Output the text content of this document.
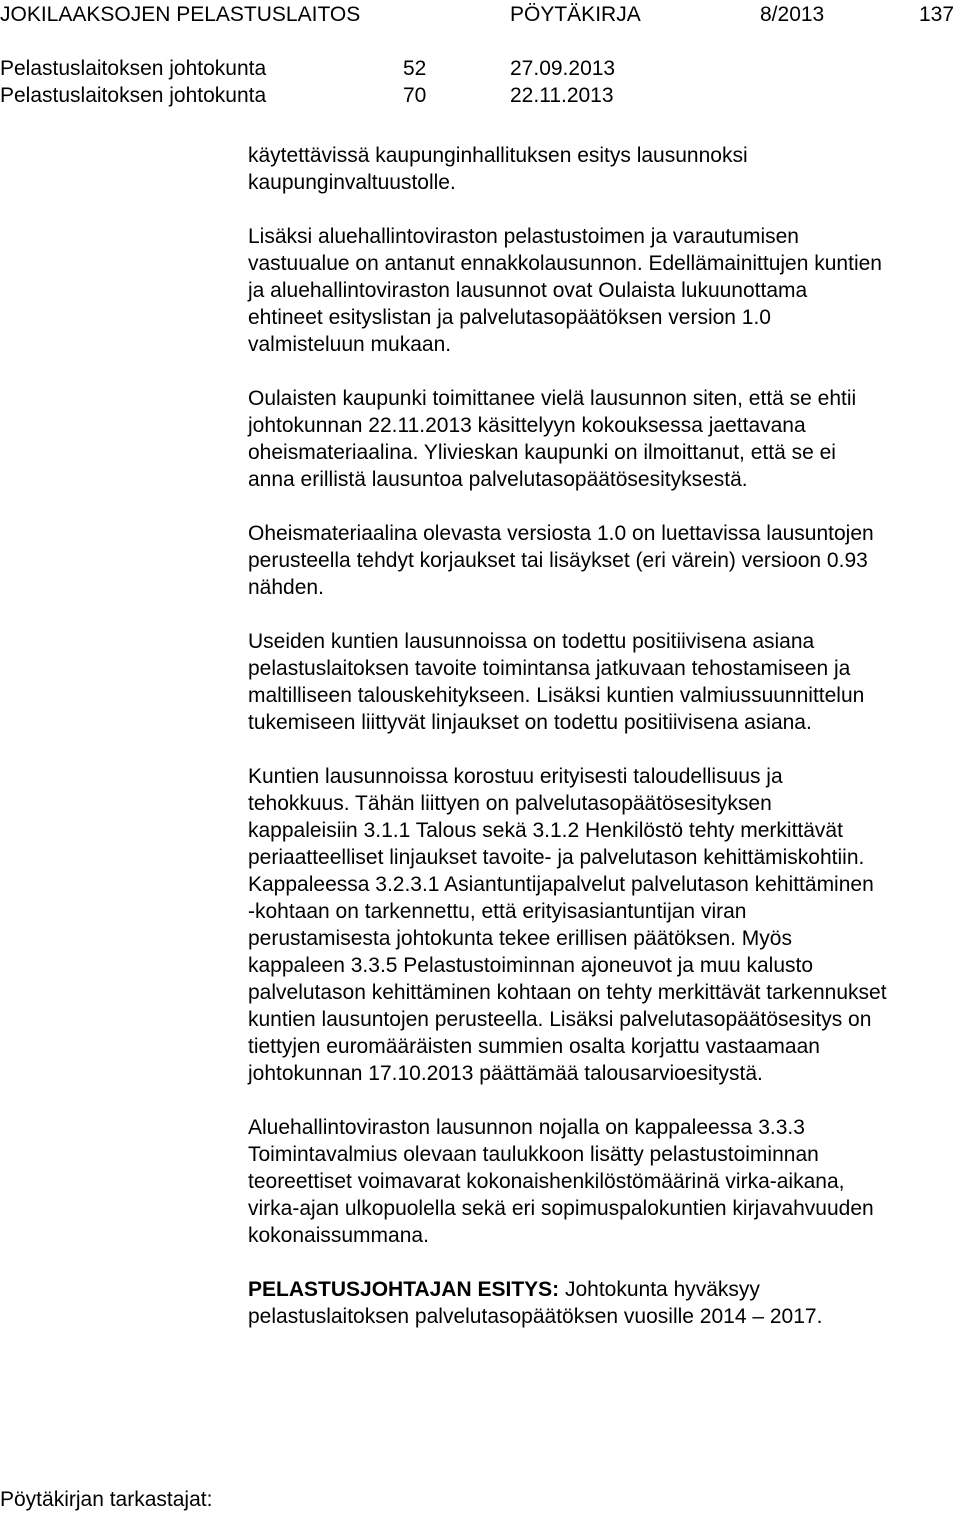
JOKILAAKSOJEN PELASTUSLAITOS	PÖYTÄKIRJA	8/2013	137
Pelastuslaitoksen johtokunta	52	27.09.2013
Pelastuslaitoksen johtokunta	70	22.11.2013

käytettävissä kaupunginhallituksen esitys lausunnoksi
kaupunginvaltuustolle.

Lisäksi aluehallintoviraston pelastustoimen ja varautumisen
vastuualue on antanut ennakkolausunnon. Edellämainittujen kuntien
ja aluehallintoviraston lausunnot ovat Oulaista lukuunottama
ehtineet esityslistan ja palvelutasopäätöksen version 1.0
valmisteluun mukaan.

Oulaisten kaupunki toimittanee vielä lausunnon siten, että se ehtii
johtokunnan 22.11.2013 käsittelyyn kokouksessa jaettavana
oheismateriaalina. Ylivieskan kaupunki on ilmoittanut, että se ei
anna erillistä lausuntoa palvelutasopäätösesityksestä.

Oheismateriaalina olevasta versiosta 1.0 on luettavissa lausuntojen
perusteella tehdyt korjaukset tai lisäykset (eri värein) versioon 0.93
nähden.

Useiden kuntien lausunnoissa on todettu positiivisena asiana
pelastuslaitoksen tavoite toimintansa jatkuvaan tehostamiseen ja
maltilliseen talouskehitykseen. Lisäksi kuntien valmiussuunnittelun
tukemiseen liittyvät linjaukset on todettu positiivisena asiana.

Kuntien lausunnoissa korostuu erityisesti taloudellisuus ja
tehokkuus. Tähän liittyen on palvelutasopäätösesityksen
kappaleisiin 3.1.1 Talous sekä 3.1.2 Henkilöstö tehty merkittävät
periaatteelliset linjaukset tavoite- ja palvelutason kehittämiskohtiin.
Kappaleessa 3.2.3.1 Asiantuntijapalvelut palvelutason kehittäminen
-kohtaan on tarkennettu, että erityisasiantuntijan viran
perustamisesta johtokunta tekee erillisen päätöksen. Myös
kappaleen 3.3.5 Pelastustoiminnan ajoneuvot ja muu kalusto
palvelutason kehittäminen kohtaan on tehty merkittävät tarkennukset
kuntien lausuntojen perusteella. Lisäksi palvelutasopäätösesitys on
tiettyjen euromääräisten summien osalta korjattu vastaamaan
johtokunnan 17.10.2013 päättämää talousarvioesitystä.

Aluehallintoviraston lausunnon nojalla on kappaleessa 3.3.3
Toimintavalmius olevaan taulukkoon lisätty pelastustoiminnan
teoreettiset voimavarat kokonaishenkilöstömäärinä virka-aikana,
virka-ajan ulkopuolella sekä eri sopimuspalokuntien kirjavahvuuden
kokonaissummana.

PELASTUSJOHTAJAN ESITYS: Johtokunta hyväksyy
pelastuslaitoksen palvelutasopäätöksen vuosille 2014 – 2017.

Pöytäkirjan tarkastajat:
